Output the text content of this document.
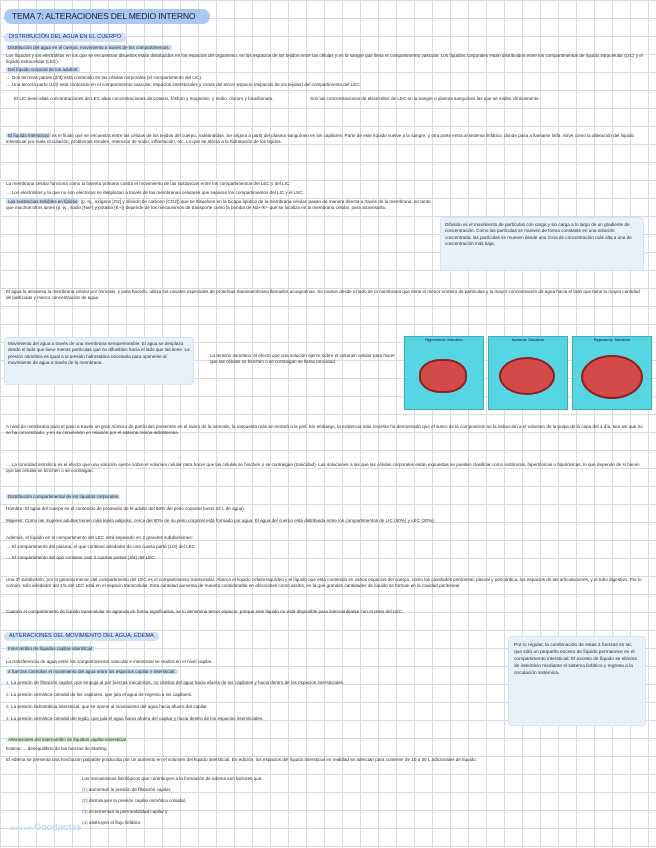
TEMA 7: ALTERACIONES DEL MEDIO INTERNO
DISTRIBUCIÓN DEL AGUA EN EL CUERPO
Distribución del agua en el cuerpo, movimiento a través de los compartimentos.
Los líquidos y los electrolitos en los que se encuentran disueltos están distribuidos en los espacios del organismo, en los espacios de los tejidos entre las células y en la sangre que llena el compartimento vascular. Los líquidos corporales están distribuidos entre los compartimentos de líquido intracelular (LIC) y el líquido extracelular (LEC).
Del líquido corporal de los adultos:
→ Dos terceras partes (2/3) está contenido en las células corporales (el compartimento del LIC).
→ Una tercera parte (1/3) está contenido en el compartimento vascular, espacios intersticiales y zonas del tercer espacio (espacios de los tejidos) del compartimento del LEC.
El LIC tiene altas concentraciones de LEC altas concentraciones de potasio, fósforo y magnesio, y sodio, cloruro y bicarbonato.	Son las concentraciones de electrolitos de LEC en la sangre o plasma sanguíneo las que se miden clínicamente.
El líquido intersticial es el fluido que se encuentra entre las células de los tejidos del cuerpo, rodeándolas. Se origina a partir del plasma sanguíneo en los capilares. Parte de este líquido vuelve a la sangre, y otra parte entra al sistema linfático, donde pasa a llamarse linfa. Sirve como la alteración del líquido intersticial por mala circulación, problemas renales, retención de sodio, inflamación, etc. Lo que se afecta a la hidratación de los tejidos.
La membrana celular funciona como la barrera primaria contra el movimiento de las sustancias entre los compartimentos del LEC y del LIC.
→ Los electrolitos y la que no son eléctricos se desplazan a través de las membranas celulares que separan los compartimentos del LIC y el LEC.
Las sustancias solubles en lípidos (p. ej., oxígeno [O2] y dióxido de carbono [CO2]) que se disuelven en la bicapa lipídica de la membrana celular, pasan de manera directa a través de la membrana; en tanto que muchos otros iones (p. ej., sodio [Na+] y potasio [K+]) depende de los mecanismos de transporte como la bomba de Na+/K+ que se localiza en la membrana celular, para atravesarla.
Difusión es el movimiento de partículas con carga y sin carga a lo largo de un gradiente de concentración. Como las partículas se mueven de forma constante en una solución concentrada, las partículas se mueven desde una zona de concentración más alta a una de concentración más baja.
El agua la atraviesa la membrana celular por ósmosis, y para hacerlo, utiliza los canales especiales de proteínas transmembrana llamados acuaporinas. Se mueve desde el lado de la membrana que tiene el menor número de partículas y la mayor concentración de agua hacia el lado que tiene la mayor cantidad de partículas y menor concentración de agua.
Movimiento del agua a través de una membrana semipermeable. El agua se desplaza desde el lado que tiene menos partículas que no difusibles hacia el lado que las tiene. La presión osmótica es igual a la presión hidrostática necesaria para oponerse al movimiento de agua a través de la membrana.
La tensión osmótica: el efecto que una solución ejerce sobre el volumen celular para hacer que las células se hinchen o se contraigan se llama tonicidad.
Hypertonic Solution	Isotonic Solution	Hypotonic Solution
A nivel de membrana para el paso a través un gran número de partículas presentes en el suero de la osmosis, la respuesta más se entrará a la piel. Sin embargo, la evidencia más reciente ha demostrado que el suero de la composición se la reducción a el volumen de la pulpa de la capa del 4 día, sea así que no se ha concentrado, y en su conversión en relación por el sistema renina-aldosterona.
→ La tonicidad osmótica es el efecto que una solución ejerce sobre el volumen celular para hacer que las células se hinchen o se contraigan (tonicidad). Las soluciones a las que las células corporales están expuestas se pueden clasificar como isotónicas, hipertónicas o hipotónicas, lo que depende de si hacen que las células se hinchen o se contraigan.
Distribución compartimental de los líquidos corporales
Hombre: El agua del cuerpo es el contenido de promedio de el adulto del 60% del peso corporal (unos 42 L de agua).
Mujeres: Como las mujeres adultas tienen más tejido adiposo, cerca del 50% de su peso corporal está formado por agua. El agua del cuerpo está distribuida entre los compartimentos de LIC (40%) y LEC (20%).
Además, el líquido en el compartimento del LEC está separado en 2 grandes subdivisiones:
→ El compartimento del plasma, el que contiene alrededor de una cuarta parte (1/4) del LEC
→ El compartimento del que contiene casi 3 cuartas partes (3/4) del LEC
Una 3ª subdivisión, por lo general menor, del compartimento del LEC es el compartimento transcelular. Abarca el líquido cefalorraquídeo y el líquido que está contenido en varios espacios del cuerpo, como las cavidades peritoneal, pleural y pericárdica, los espacios de las articulaciones, y el tubo digestivo. Por lo común, sólo alrededor del 1% del LEC está en el espacio transcelular. Esta cantidad aumenta de manera considerable en afecciones como ascitis, en la que grandes cantidades de líquido se forman en la cavidad peritoneal.
Cuando el compartimento de líquido transcelular se agranda en forma significativa, se lo denomina tercer espacio, porque este líquido no está disponible para intercambiarse con el resto del LEC.
ALTERACIONES DEL MOVIMIENTO DEL AGUA, EDEMA
Intercambio de líquidos capilar-intersticial
La transferencia de agua entre los compartimentos vascular e intersticial se realiza en el nivel capilar.
4 fuerzas controlan el movimiento del agua entre los espacios capilar e intersticial:
1. La presión de filtración capilar, que empuja al por fuerzas mecánicas, no cambia del agua hacia afuera de los capilares y hacia dentro de los espacios intersticiales.
2. La presión osmótica coloidal de los capilares, que jala el agua de regreso a los capilares.
3. La presión hidrostática intersticial, que se opone al movimiento del agua hacia afuera del capilar.
4. La presión osmótica coloidal del tejido, que jala el agua hacia afuera del capilar y hacia dentro de los espacios intersticiales.
Por lo regular, la combinación de estas 4 fuerzas es tal, que sólo un pequeño exceso de líquido permanece en el compartimento intersticial. El exceso de líquido se elimina de intersticio mediante el sistema linfático y regresa a la circulación sistémica.
Alteraciones del intercambio de líquidos capilar-intersticial
Edema → desequilibrio de las fuerzas de Starling
El edema se presenta una hinchazón palpable producida por un aumento en el volumen del líquido intersticial. En edición, los espacios del líquido intersticial en realidad se adecuan para contener de 10 a 30 L adicionales de líquido.
Los mecanismos fisiológicos que contribuyen a la formación de edema son factores que:
(1) aumentan la presión de filtración capilar,
(2) disminuyen la presión capilar osmótica coloidal,
(3) incrementan la permeabilidad capilar y
(4) obstruyen el flujo linfático
Made with Goodnotes
